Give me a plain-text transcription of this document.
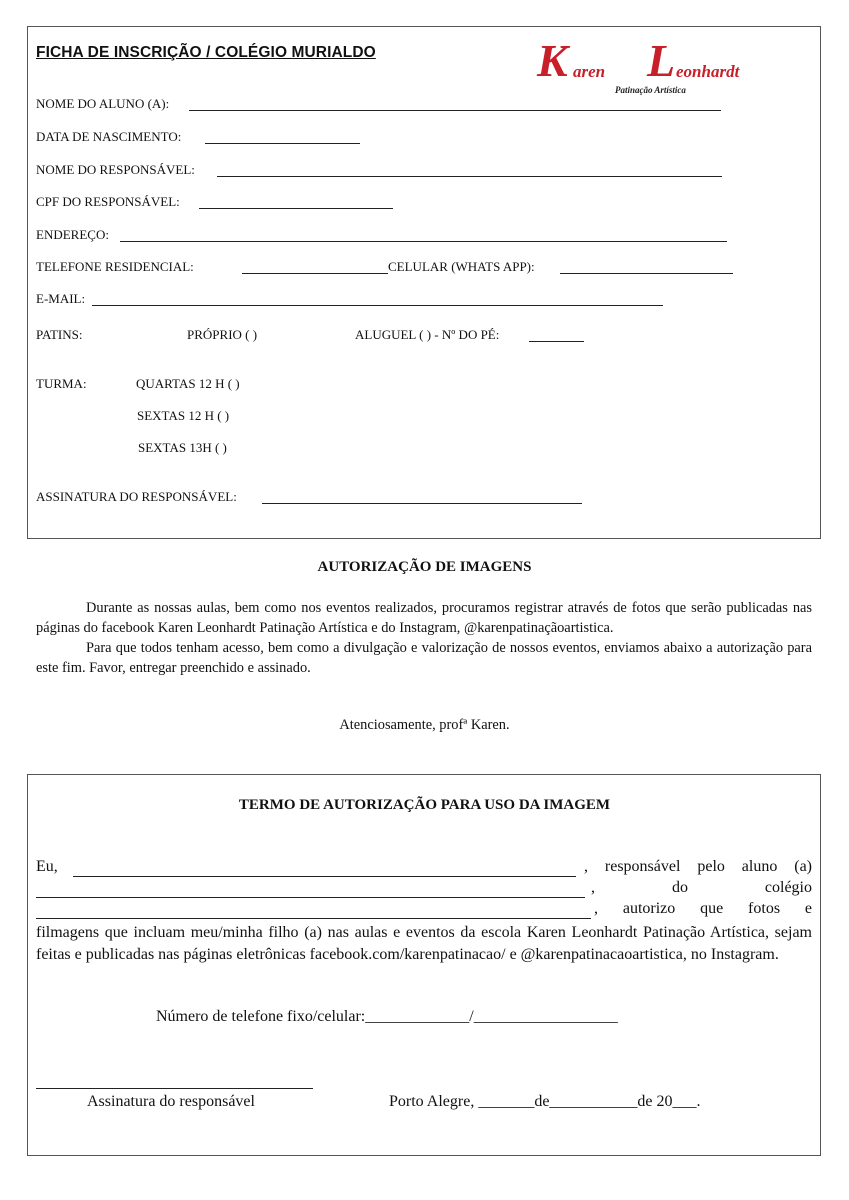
FICHA DE INSCRIÇÃO / COLÉGIO MURIALDO	K aren L eonhardt
Patinação Artística
NOME DO ALUNO (A):
DATA DE NASCIMENTO:
NOME DO RESPONSÁVEL:
CPF DO RESPONSÁVEL:
ENDEREÇO:
TELEFONE RESIDENCIAL:	CELULAR (WHATS APP):
E-MAIL:
PATINS:	PRÓPRIO ( )	ALUGUEL ( ) - Nº DO PÉ:
TURMA:	QUARTAS 12 H ( )
SEXTAS 12 H ( )
SEXTAS 13H ( )
ASSINATURA DO RESPONSÁVEL:
AUTORIZAÇÃO DE IMAGENS

Durante as nossas aulas, bem como nos eventos realizados, procuramos registrar através de fotos que serão publicadas nas páginas do facebook Karen Leonhardt Patinação Artística e do Instagram, @karenpatinaçãoartistica.

Para que todos tenham acesso, bem como a divulgação e valorização de nossos eventos, enviamos abaixo a autorização para este fim. Favor, entregar preenchido e assinado.

Atenciosamente, profª Karen.
TERMO DE AUTORIZAÇÃO PARA USO DA IMAGEM
Eu,	, responsável pelo aluno (a)
, do colégio
, autorizo que fotos e
filmagens que incluam meu/minha filho (a) nas aulas e eventos da escola Karen Leonhardt Patinação Artística, sejam feitas e publicadas nas páginas eletrônicas facebook.com/karenpatinacao/ e @karenpatinacaoartistica, no Instagram.
Número de telefone fixo/celular:_____________/__________________
Assinatura do responsável	Porto Alegre, _______de___________de 20___.
